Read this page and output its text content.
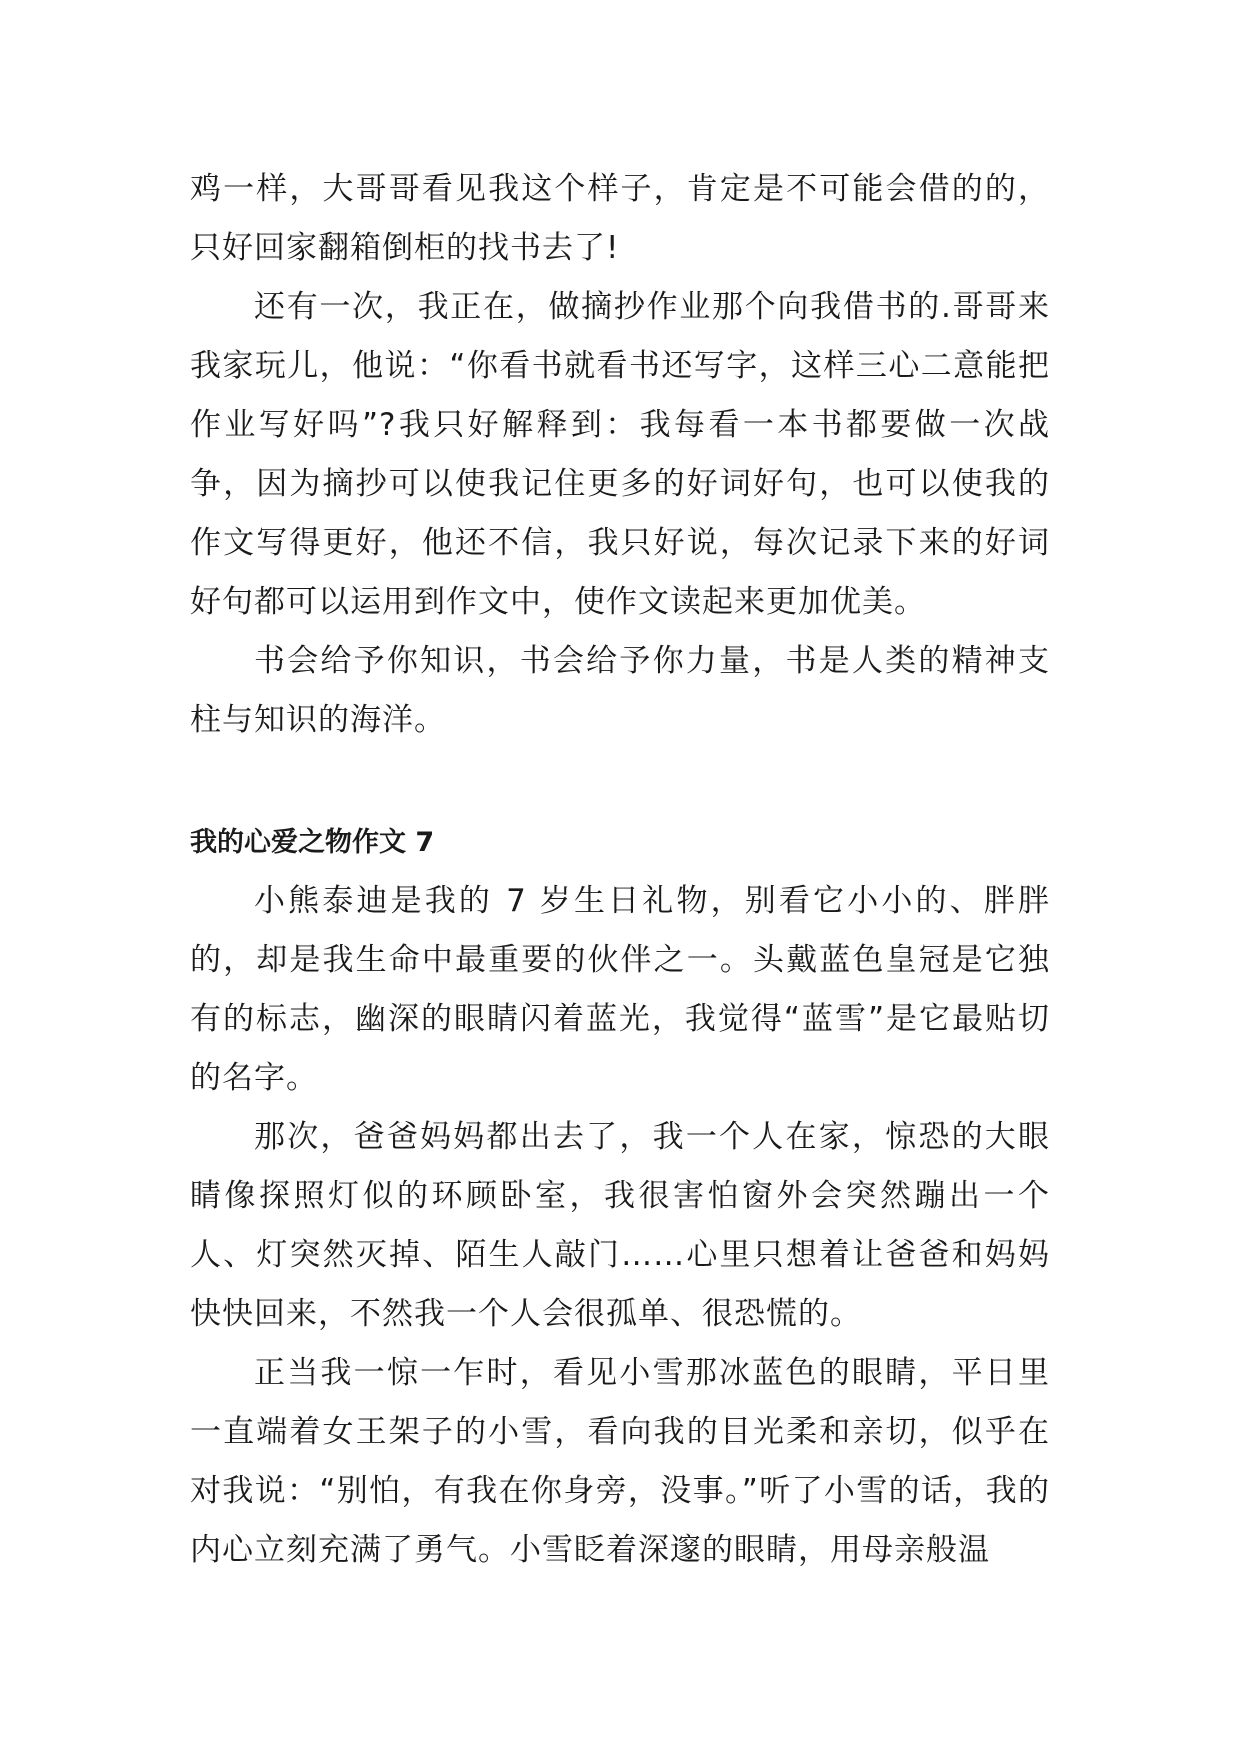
鸡一样，大哥哥看见我这个样子，肯定是不可能会借的的，只好回家翻箱倒柜的找书去了!

还有一次，我正在，做摘抄作业那个向我借书的.哥哥来我家玩儿，他说：“你看书就看书还写字，这样三心二意能把作业写好吗”?我只好解释到：我每看一本书都要做一次战争，因为摘抄可以使我记住更多的好词好句，也可以使我的作文写得更好，他还不信，我只好说，每次记录下来的好词好句都可以运用到作文中，使作文读起来更加优美。

书会给予你知识，书会给予你力量，书是人类的精神支柱与知识的海洋。

我的心爱之物作文 7

小熊泰迪是我的 7 岁生日礼物，别看它小小的、胖胖的，却是我生命中最重要的伙伴之一。头戴蓝色皇冠是它独有的标志，幽深的眼睛闪着蓝光，我觉得“蓝雪”是它最贴切的名字。

那次，爸爸妈妈都出去了，我一个人在家，惊恐的大眼睛像探照灯似的环顾卧室，我很害怕窗外会突然蹦出一个人、灯突然灭掉、陌生人敲门……心里只想着让爸爸和妈妈快快回来，不然我一个人会很孤单、很恐慌的。

正当我一惊一乍时，看见小雪那冰蓝色的眼睛，平日里一直端着女王架子的小雪，看向我的目光柔和亲切，似乎在对我说：“别怕，有我在你身旁，没事。”听了小雪的话，我的内心立刻充满了勇气。小雪眨着深邃的眼睛，用母亲般温
